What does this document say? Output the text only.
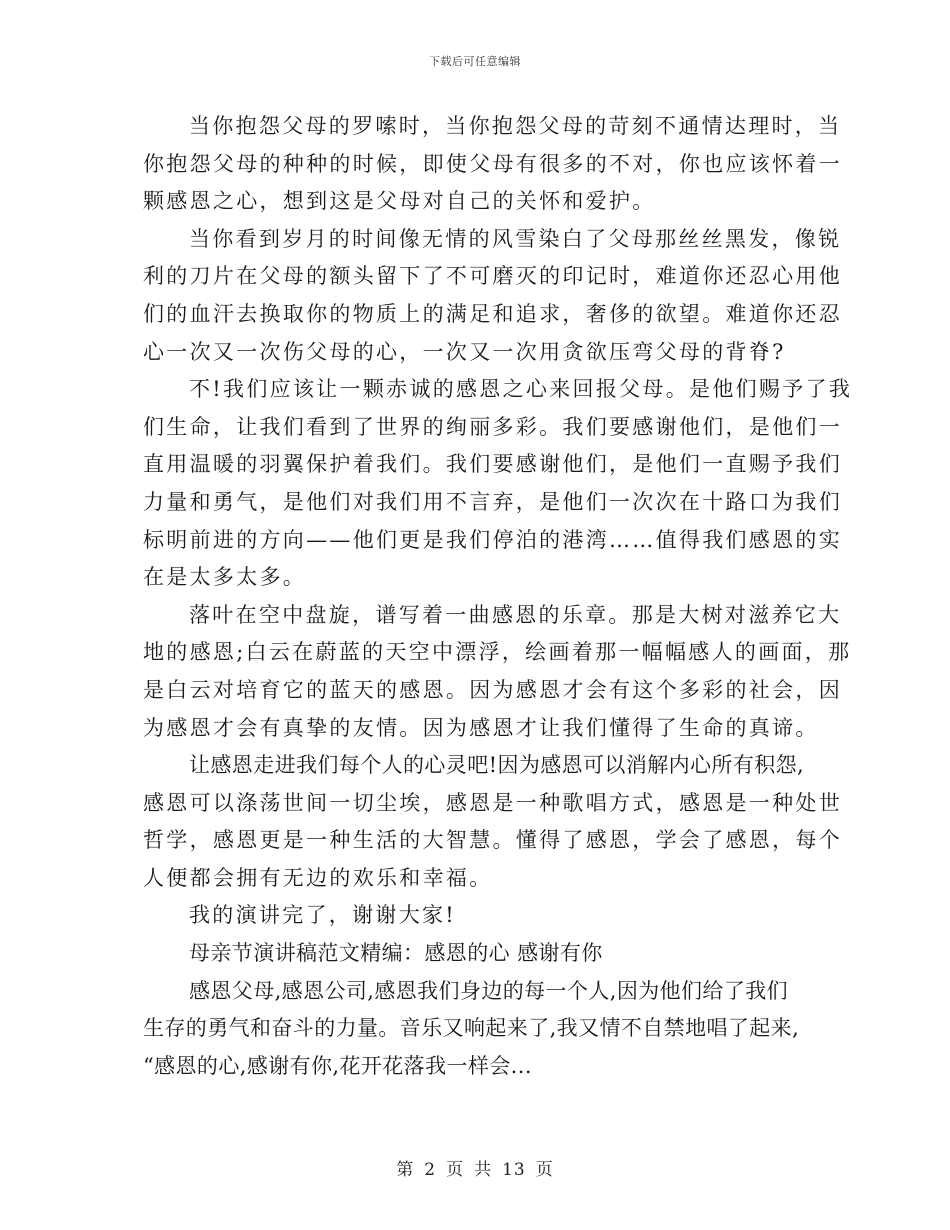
下载后可任意编辑
当你抱怨父母的罗嗦时，当你抱怨父母的苛刻不通情达理时，当
你抱怨父母的种种的时候，即使父母有很多的不对，你也应该怀着一
颗感恩之心，想到这是父母对自己的关怀和爱护。
当你看到岁月的时间像无情的风雪染白了父母那丝丝黑发，像锐
利的刀片在父母的额头留下了不可磨灭的印记时，难道你还忍心用他
们的血汗去换取你的物质上的满足和追求，奢侈的欲望。难道你还忍
心一次又一次伤父母的心，一次又一次用贪欲压弯父母的背脊?
不!我们应该让一颗赤诚的感恩之心来回报父母。是他们赐予了我
们生命，让我们看到了世界的绚丽多彩。我们要感谢他们，是他们一
直用温暖的羽翼保护着我们。我们要感谢他们，是他们一直赐予我们
力量和勇气，是他们对我们用不言弃，是他们一次次在十路口为我们
标明前进的方向——他们更是我们停泊的港湾……值得我们感恩的实
在是太多太多。
落叶在空中盘旋，谱写着一曲感恩的乐章。那是大树对滋养它大
地的感恩;白云在蔚蓝的天空中漂浮，绘画着那一幅幅感人的画面，那
是白云对培育它的蓝天的感恩。因为感恩才会有这个多彩的社会，因
为感恩才会有真挚的友情。因为感恩才让我们懂得了生命的真谛。
让感恩走进我们每个人的心灵吧!因为感恩可以消解内心所有积怨,
感恩可以涤荡世间一切尘埃，感恩是一种歌唱方式，感恩是一种处世
哲学，感恩更是一种生活的大智慧。懂得了感恩，学会了感恩，每个
人便都会拥有无边的欢乐和幸福。
我的演讲完了，谢谢大家!
母亲节演讲稿范文精编：感恩的心 感谢有你
感恩父母,感恩公司,感恩我们身边的每一个人,因为他们给了我们
生存的勇气和奋斗的力量。音乐又响起来了,我又情不自禁地唱了起来,
“感恩的心,感谢有你,花开花落我一样会...
第 2 页 共 13 页
